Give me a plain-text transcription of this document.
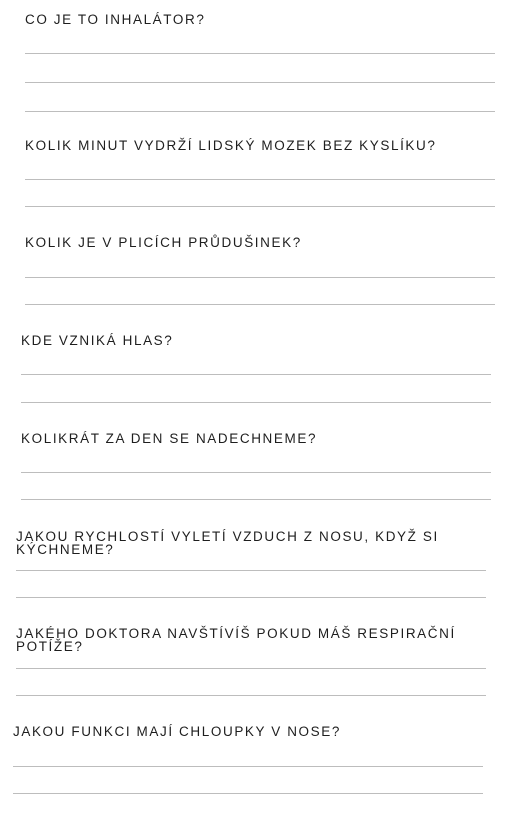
CO JE TO INHALÁTOR?

KOLIK MINUT VYDRŽÍ LIDSKÝ MOZEK BEZ KYSLÍKU?

KOLIK JE V PLICÍCH PRŮDUŠINEK?

KDE VZNIKÁ HLAS?

KOLIKRÁT ZA DEN SE NADECHNEME?

JAKOU RYCHLOSTÍ VYLETÍ VZDUCH Z NOSU, KDYŽ SI KÝCHNEME?

JAKÉHO DOKTORA NAVŠTÍVÍŠ POKUD MÁŠ RESPIRAČNÍ POTÍŽE?

JAKOU FUNKCI MAJÍ CHLOUPKY V NOSE?
